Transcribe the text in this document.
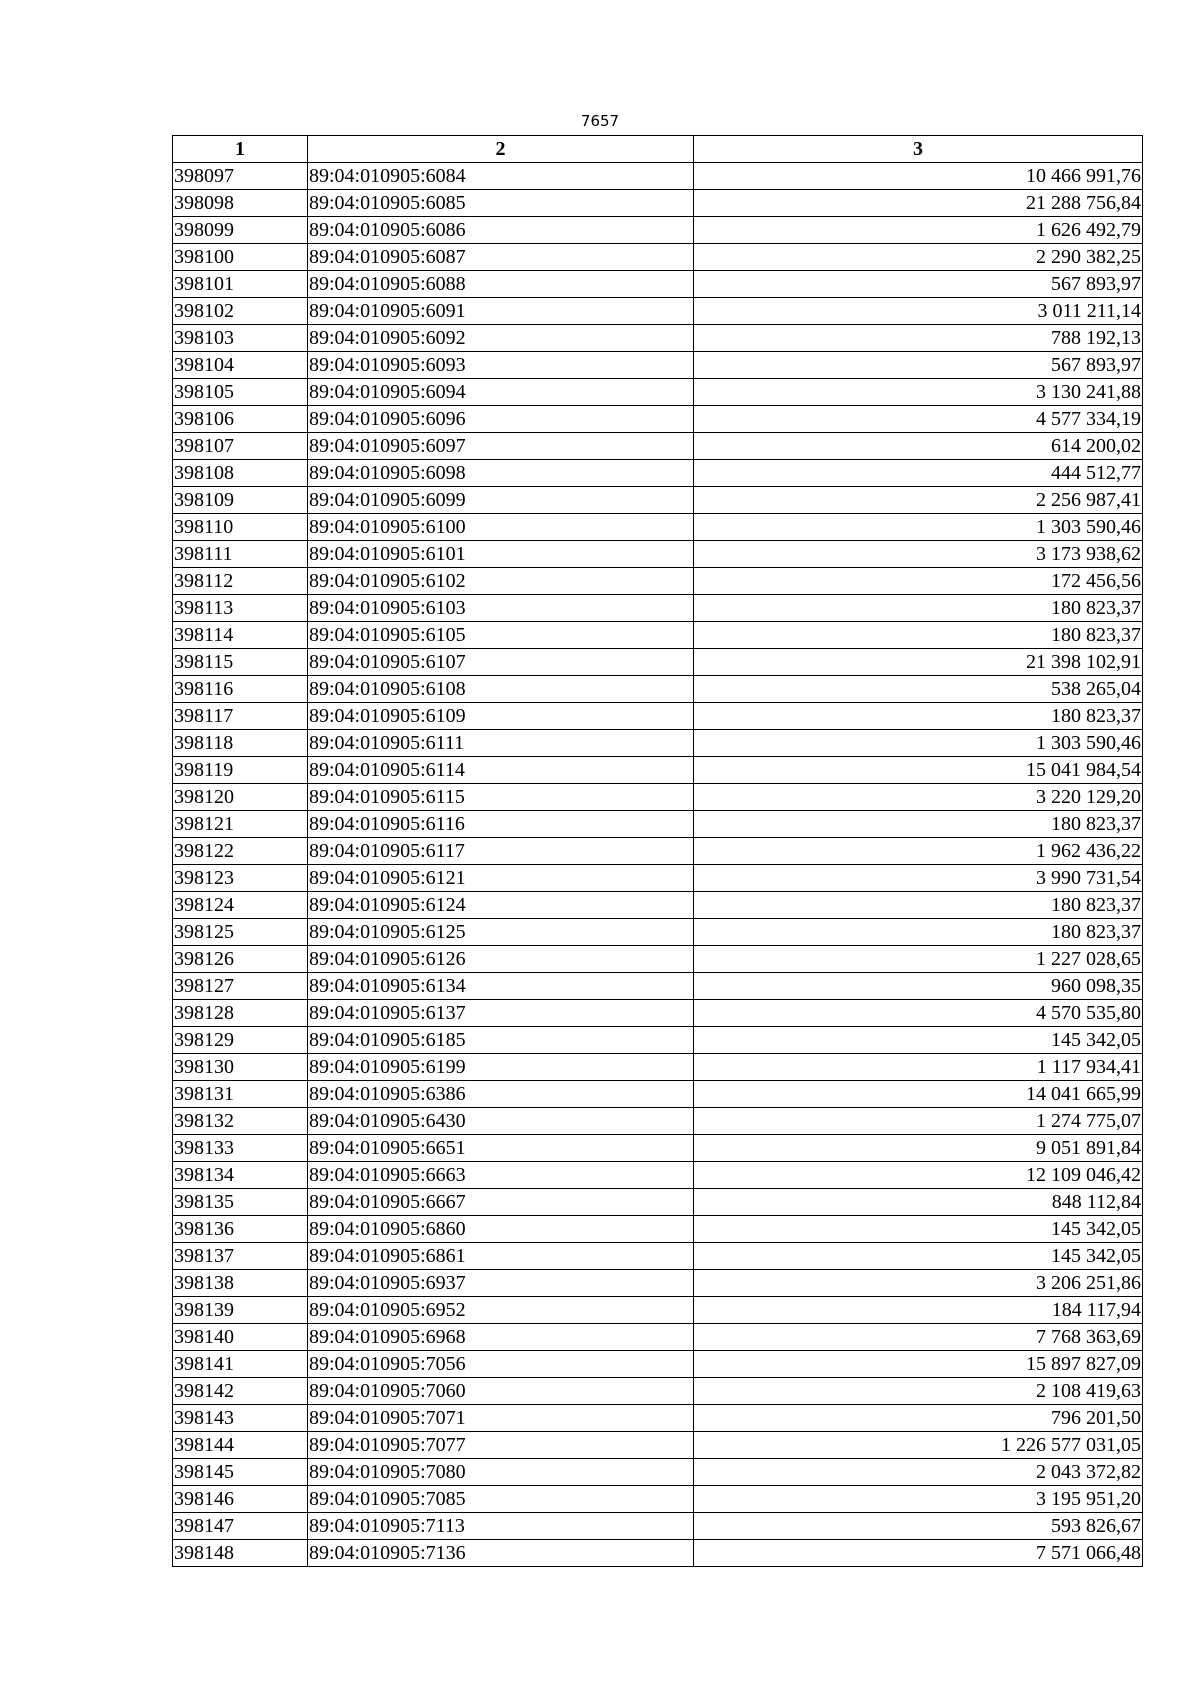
7657
1	2	3
398097	89:04:010905:6084	10 466 991,76
398098	89:04:010905:6085	21 288 756,84
398099	89:04:010905:6086	1 626 492,79
398100	89:04:010905:6087	2 290 382,25
398101	89:04:010905:6088	567 893,97
398102	89:04:010905:6091	3 011 211,14
398103	89:04:010905:6092	788 192,13
398104	89:04:010905:6093	567 893,97
398105	89:04:010905:6094	3 130 241,88
398106	89:04:010905:6096	4 577 334,19
398107	89:04:010905:6097	614 200,02
398108	89:04:010905:6098	444 512,77
398109	89:04:010905:6099	2 256 987,41
398110	89:04:010905:6100	1 303 590,46
398111	89:04:010905:6101	3 173 938,62
398112	89:04:010905:6102	172 456,56
398113	89:04:010905:6103	180 823,37
398114	89:04:010905:6105	180 823,37
398115	89:04:010905:6107	21 398 102,91
398116	89:04:010905:6108	538 265,04
398117	89:04:010905:6109	180 823,37
398118	89:04:010905:6111	1 303 590,46
398119	89:04:010905:6114	15 041 984,54
398120	89:04:010905:6115	3 220 129,20
398121	89:04:010905:6116	180 823,37
398122	89:04:010905:6117	1 962 436,22
398123	89:04:010905:6121	3 990 731,54
398124	89:04:010905:6124	180 823,37
398125	89:04:010905:6125	180 823,37
398126	89:04:010905:6126	1 227 028,65
398127	89:04:010905:6134	960 098,35
398128	89:04:010905:6137	4 570 535,80
398129	89:04:010905:6185	145 342,05
398130	89:04:010905:6199	1 117 934,41
398131	89:04:010905:6386	14 041 665,99
398132	89:04:010905:6430	1 274 775,07
398133	89:04:010905:6651	9 051 891,84
398134	89:04:010905:6663	12 109 046,42
398135	89:04:010905:6667	848 112,84
398136	89:04:010905:6860	145 342,05
398137	89:04:010905:6861	145 342,05
398138	89:04:010905:6937	3 206 251,86
398139	89:04:010905:6952	184 117,94
398140	89:04:010905:6968	7 768 363,69
398141	89:04:010905:7056	15 897 827,09
398142	89:04:010905:7060	2 108 419,63
398143	89:04:010905:7071	796 201,50
398144	89:04:010905:7077	1 226 577 031,05
398145	89:04:010905:7080	2 043 372,82
398146	89:04:010905:7085	3 195 951,20
398147	89:04:010905:7113	593 826,67
398148	89:04:010905:7136	7 571 066,48
